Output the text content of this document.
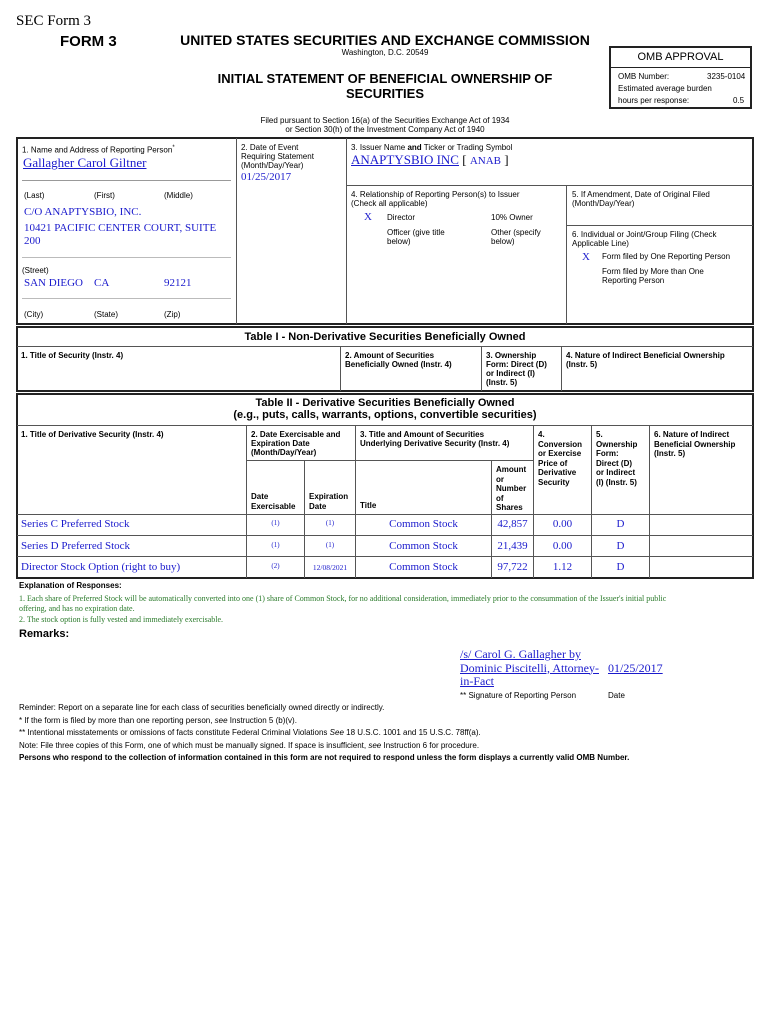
SEC Form 3
FORM 3	UNITED STATES SECURITIES AND EXCHANGE COMMISSION
Washington, D.C. 20549
INITIAL STATEMENT OF BENEFICIAL OWNERSHIP OF
SECURITIES
OMB APPROVAL
OMB Number:	3235-0104
Estimated average burden
hours per response:	0.5
Filed pursuant to Section 16(a) of the Securities Exchange Act of 1934
or Section 30(h) of the Investment Company Act of 1940
1. Name and Address of Reporting Person*
Gallagher Carol Giltner
(Last)	(First)	(Middle)
C/O ANAPTYSBIO, INC.
10421 PACIFIC CENTER COURT, SUITE
200
(Street)
SAN DIEGO CA	92121
(City)	(State)	(Zip)
2. Date of Event
Requiring Statement
(Month/Day/Year)
01/25/2017
3. Issuer Name and Ticker or Trading Symbol
ANAPTYSBIO INC [ ANAB ]
4. Relationship of Reporting Person(s) to Issuer
(Check all applicable)
X Director	10% Owner
Officer (give title
below)
Other (specify
below)
5. If Amendment, Date of Original Filed
(Month/Day/Year)
6. Individual or Joint/Group Filing (Check
Applicable Line)
X Form filed by One Reporting Person
Form filed by More than One
Reporting Person
Table I - Non-Derivative Securities Beneficially Owned
1. Title of Security (Instr. 4)	2. Amount of Securities
Beneficially Owned (Instr. 4)
3. Ownership
Form: Direct (D)
or Indirect (I)
(Instr. 5)
4. Nature of Indirect Beneficial Ownership
(Instr. 5)
Table II - Derivative Securities Beneficially Owned
(e.g., puts, calls, warrants, options, convertible securities)
1. Title of Derivative Security (Instr. 4)	2. Date Exercisable and
Expiration Date
(Month/Day/Year)
3. Title and Amount of Securities
Underlying Derivative Security (Instr. 4)
4.
Conversion
or Exercise
Price of
Derivative
Security
5.
Ownership
Form:
Direct (D)
or Indirect
(I) (Instr. 5)
6. Nature of Indirect
Beneficial Ownership
(Instr. 5)
Date
Exercisable
Expiration
Date	Title
Amount
or
Number
of
Shares
Series C Preferred Stock	(1)	(1)	Common Stock	42,857	0.00	D
Series D Preferred Stock	(1)	(1)	Common Stock	21,439	0.00	D
Director Stock Option (right to buy)	(2)	12/08/2021	Common Stock	97,722	1.12	D
Explanation of Responses:
1. Each share of Preferred Stock will be automatically converted into one (1) share of Common Stock, for no additional consideration, immediately prior to the consummation of the Issuer's initial public
offering, and has no expiration date.
2. The stock option is fully vested and immediately exercisable.
Remarks:
/s/ Carol G. Gallagher by
Dominic Piscitelli, Attorney-
in-Fact
01/25/2017
** Signature of Reporting Person	Date
Reminder: Report on a separate line for each class of securities beneficially owned directly or indirectly.
* If the form is filed by more than one reporting person, see Instruction 5 (b)(v).
** Intentional misstatements or omissions of facts constitute Federal Criminal Violations See 18 U.S.C. 1001 and 15 U.S.C. 78ff(a).
Note: File three copies of this Form, one of which must be manually signed. If space is insufficient, see Instruction 6 for procedure.
Persons who respond to the collection of information contained in this form are not required to respond unless the form displays a currently valid OMB Number.
